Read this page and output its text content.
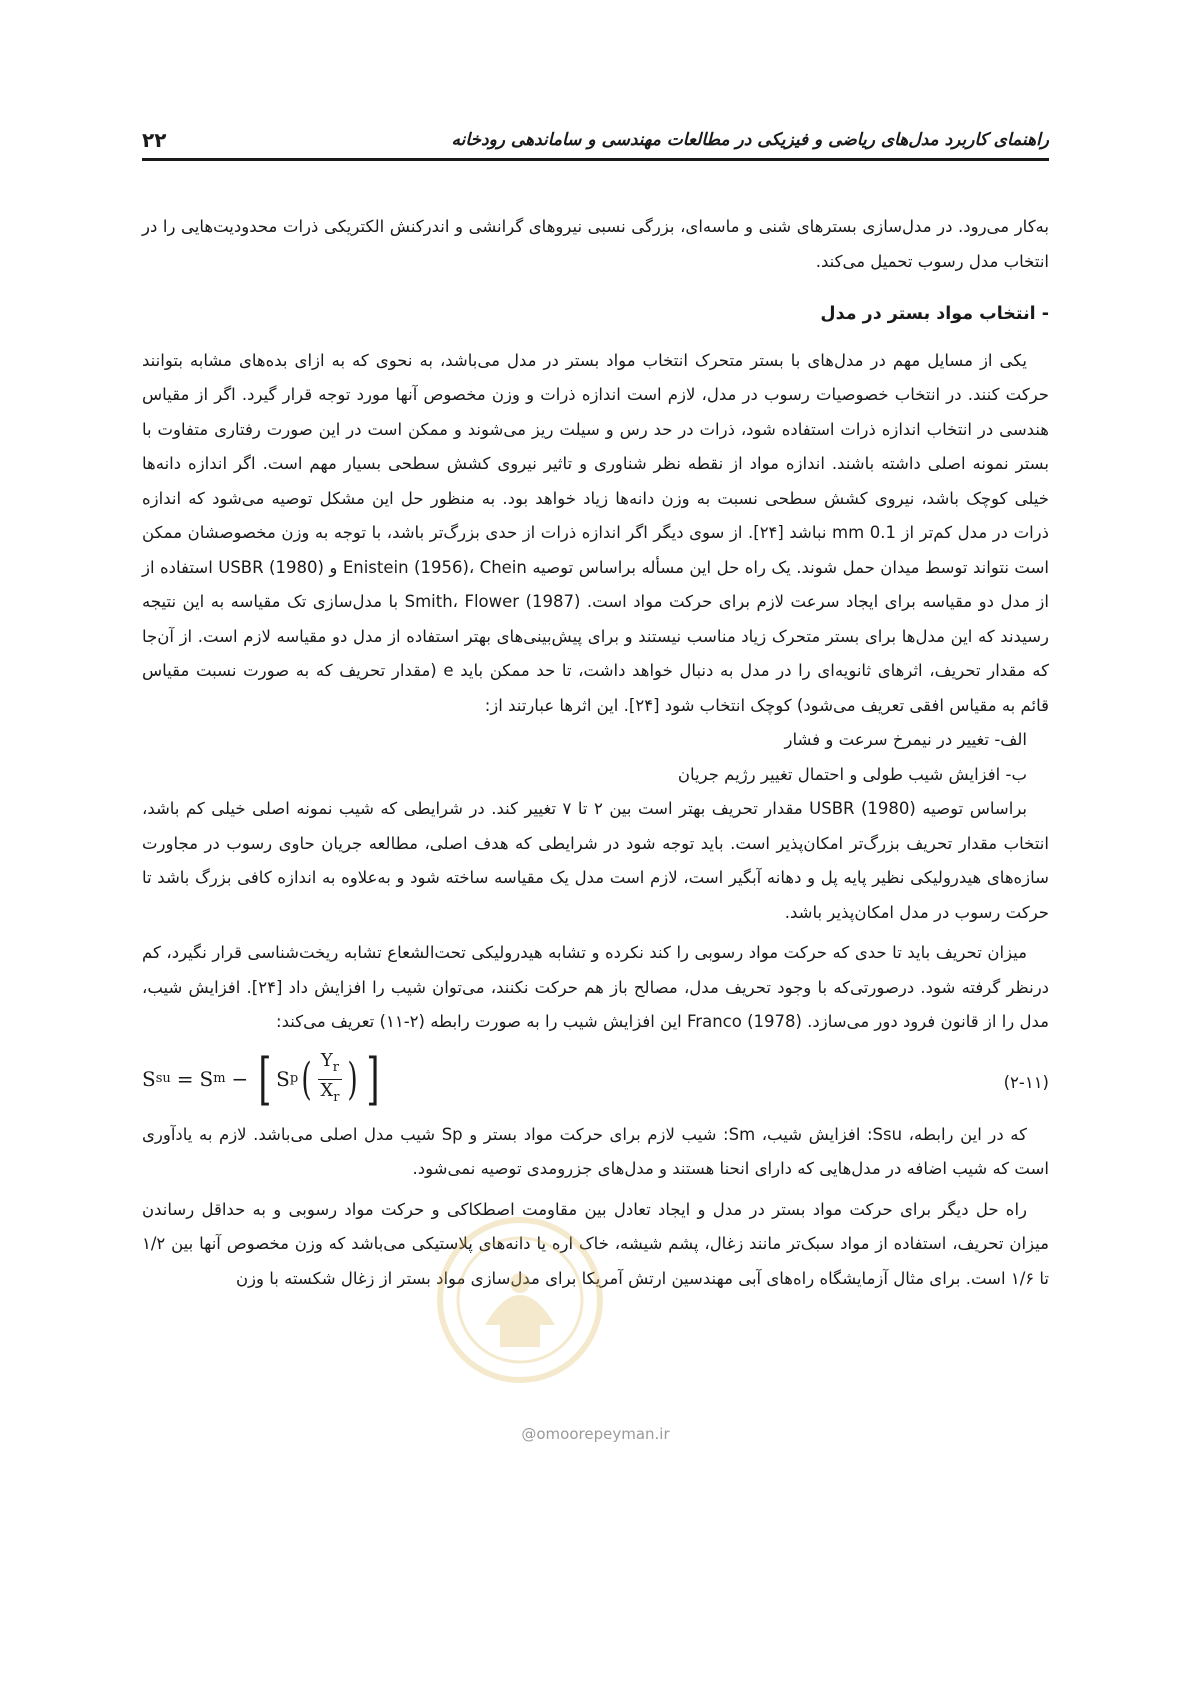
راهنمای کاربرد مدل‌های ریاضی و فیزیکی در مطالعات مهندسی و ساماندهی رودخانه
۲۲

به‌کار می‌رود. در مدل‌سازی بسترهای شنی و ماسه‌ای، بزرگی نسبی نیروهای گرانشی و اندرکنش الکتریکی ذرات محدودیت‌هایی را در انتخاب مدل رسوب تحمیل می‌کند.

- انتخاب مواد بستر در مدل

یکی از مسایل مهم در مدل‌های با بستر متحرک انتخاب مواد بستر در مدل می‌باشد، به نحوی که به ازای بده‌های مشابه بتوانند حرکت کنند. در انتخاب خصوصیات رسوب در مدل، لازم است اندازه ذرات و وزن مخصوص آنها مورد توجه قرار گیرد. اگر از مقیاس هندسی در انتخاب اندازه ذرات استفاده شود، ذرات در حد رس و سیلت ریز می‌شوند و ممکن است در این صورت رفتاری متفاوت با بستر نمونه اصلی داشته باشند. اندازه مواد از نقطه نظر شناوری و تاثیر نیروی کشش سطحی بسیار مهم است. اگر اندازه دانه‌ها خیلی کوچک باشد، نیروی کشش سطحی نسبت به وزن دانه‌ها زیاد خواهد بود. به منظور حل این مشکل توصیه می‌شود که اندازه ذرات در مدل کم‌تر از 0.1 mm نباشد [۲۴]. از سوی دیگر اگر اندازه ذرات از حدی بزرگ‌تر باشد، با توجه به وزن مخصوصشان ممکن است نتواند توسط میدان حمل شوند. یک راه حل این مسأله براساس توصیه Enistein (1956)، Chein و USBR (1980) استفاده از از مدل دو مقیاسه برای ایجاد سرعت لازم برای حرکت مواد است. Smith، Flower (1987) با مدل‌سازی تک مقیاسه به این نتیجه رسیدند که این مدل‌ها برای بستر متحرک زیاد مناسب نیستند و برای پیش‌بینی‌های بهتر استفاده از مدل دو مقیاسه لازم است. از آن‌جا که مقدار تحریف، اثرهای ثانویه‌ای را در مدل به دنبال خواهد داشت، تا حد ممکن باید e (مقدار تحریف که به صورت نسبت مقیاس قائم به مقیاس افقی تعریف می‌شود) کوچک انتخاب شود [۲۴]. این اثرها عبارتند از:

الف- تغییر در نیمرخ سرعت و فشار

ب- افزایش شیب طولی و احتمال تغییر رژیم جریان

براساس توصیه USBR (1980) مقدار تحریف بهتر است بین ۲ تا ۷ تغییر کند. در شرایطی که شیب نمونه اصلی خیلی کم باشد، انتخاب مقدار تحریف بزرگ‌تر امکان‌پذیر است. باید توجه شود در شرایطی که هدف اصلی، مطالعه جریان حاوی رسوب در مجاورت سازه‌های هیدرولیکی نظیر پایه پل و دهانه آبگیر است، لازم است مدل یک مقیاسه ساخته شود و به‌علاوه به اندازه کافی بزرگ باشد تا حرکت رسوب در مدل امکان‌پذیر باشد.

میزان تحریف باید تا حدی که حرکت مواد رسوبی را کند نکرده و تشابه هیدرولیکی تحت‌الشعاع تشابه ریخت‌شناسی قرار نگیرد، کم درنظر گرفته شود. درصورتی‌که با وجود تحریف مدل، مصالح باز هم حرکت نکنند، می‌توان شیب را افزایش داد [۲۴]. افزایش شیب، مدل را از قانون فرود دور می‌سازد. Franco (1978) این افزایش شیب را به صورت رابطه (۲-۱۱) تعریف می‌کند:

S su = S m − [ S p ( $\frac{Y_r}{X_r}$ ) ]	(۲-۱۱)

که در این رابطه، Ssu: افزایش شیب، Sm: شیب لازم برای حرکت مواد بستر و Sp شیب مدل اصلی می‌باشد. لازم به یادآوری است که شیب اضافه در مدل‌هایی که دارای انحنا هستند و مدل‌های جزرومدی توصیه نمی‌شود.

راه حل دیگر برای حرکت مواد بستر در مدل و ایجاد تعادل بین مقاومت اصطکاکی و حرکت مواد رسوبی و به حداقل رساندن میزان تحریف، استفاده از مواد سبک‌تر مانند زغال، پشم شیشه، خاک اره یا دانه‌های پلاستیکی می‌باشد که وزن مخصوص آنها بین ۱/۲ تا ۱/۶ است. برای مثال آزمایشگاه راه‌های آبی مهندسین ارتش آمریکا برای مدل‌سازی مواد بستر از زغال شکسته با وزن

@omoorepeyman.ir
